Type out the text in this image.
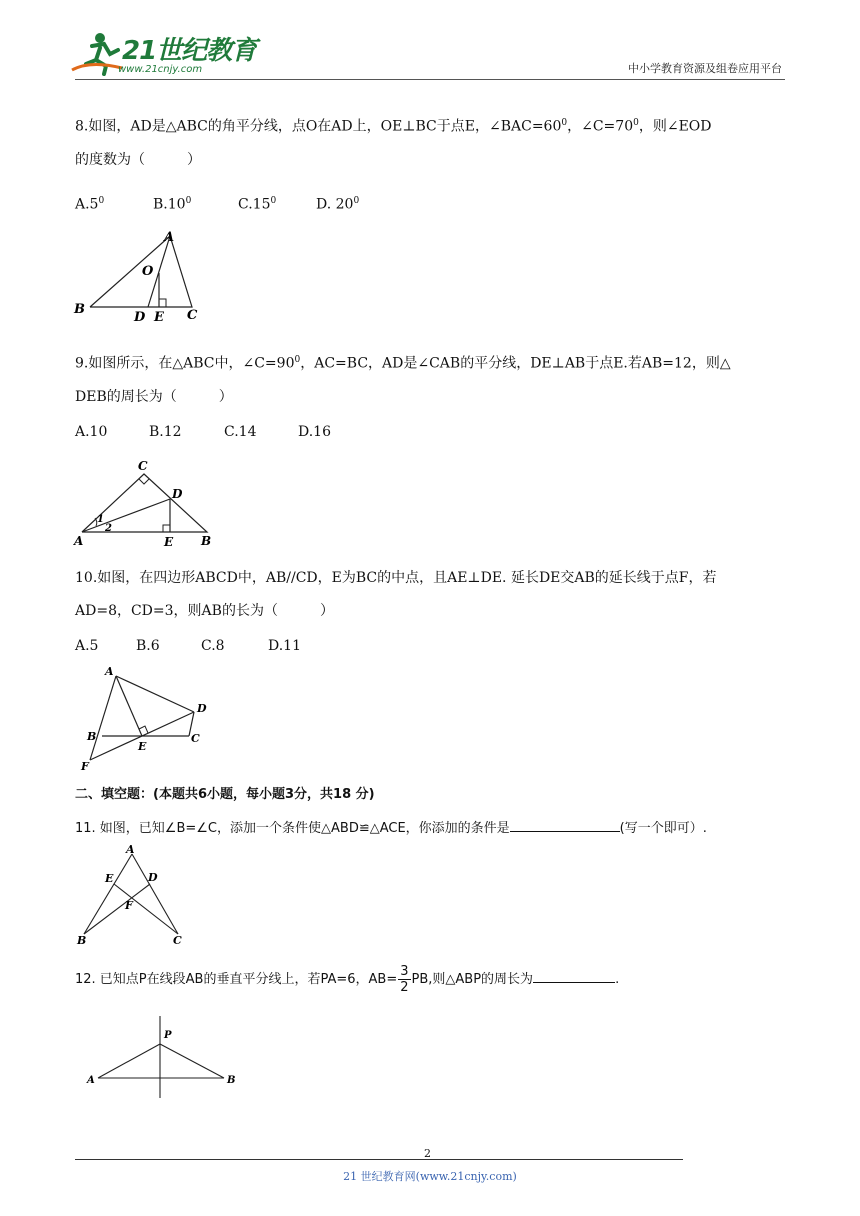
21世纪教育
www.21cnjy.com	中小学教育资源及组卷应用平台
8.如图，AD是△ABC的角平分线，点O在AD上，OE⊥BC于点E，$\angle BAC=60^0$，$\angle C=70^0$，则∠EOD
的度数为（　　　）
$A.5^0$	$B.10^0$	$C.15^0$	D. $20^0$
A
O
B
D E C
9.如图所示，在△ABC中，$\angle C=90^0$，AC=BC，AD是∠CAB的平分线，DE⊥AB于点E.若AB=12，则△
DEB的周长为（　　　）
A.10	B.12	C.14	D.16
C
D
A	E B
1
2
10.如图，在四边形ABCD中，AB//CD，E为BC的中点，且AE⊥DE. 延长DE交AB的延长线于点F，若
AD=8，CD=3，则AB的长为（　　　）
A.5	B.6	C.8	D.11
A
D
B
E
C
F
二、填空题：(本题共6小题，每小题3分，共18 分)
11. 如图，已知∠B=∠C，添加一个条件使△ABD≌△ACE，你添加的条件是	(写一个即可）.
A
E	D
F
B	C
12. 已知点P在线段AB的垂直平分线上，若PA=6，$AB= \frac{3}{2}$ PB,则△ABP的周长为	.
P
A	B
2
21 世纪教育网(www.21cnjy.com)
